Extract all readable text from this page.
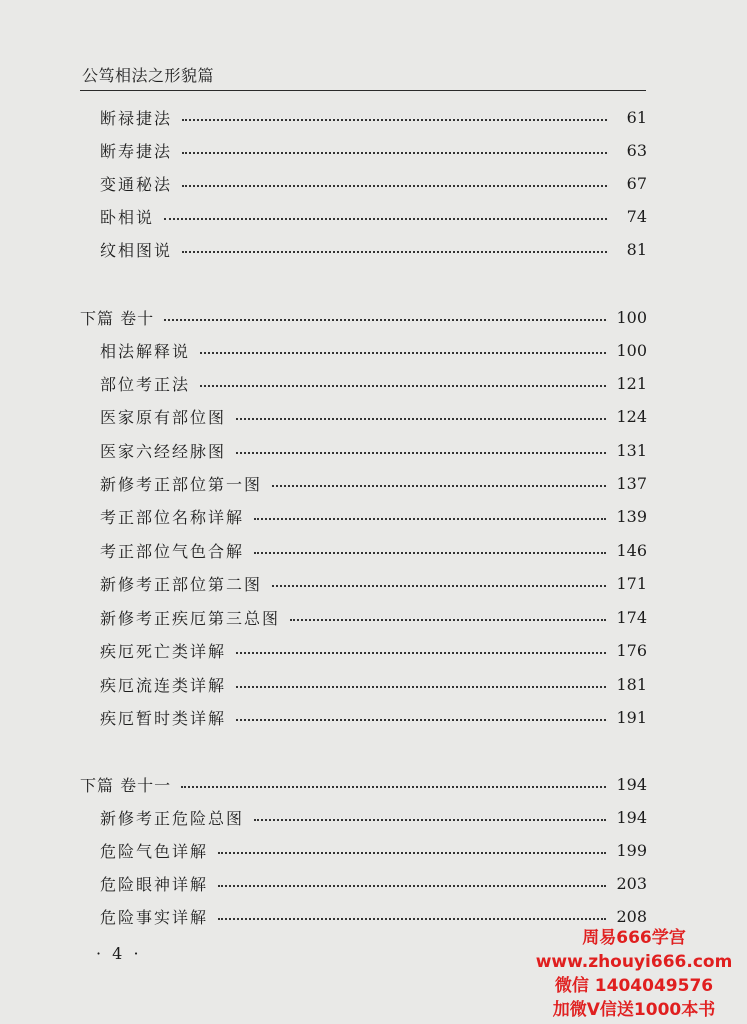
公笃相法之形貌篇
断禄捷法	61
断寿捷法	63
变通秘法	67
卧相说	74
纹相图说	81
下篇 卷十	100
相法解释说	100
部位考正法	121
医家原有部位图	124
医家六经经脉图	131
新修考正部位第一图	137
考正部位名称详解	139
考正部位气色合解	146
新修考正部位第二图	171
新修考正疾厄第三总图	174
疾厄死亡类详解	176
疾厄流连类详解	181
疾厄暂时类详解	191
下篇 卷十一	194
新修考正危险总图	194
危险气色详解	199
危险眼神详解	203
危险事实详解	208
· 4 ·
周易666学宫
www.zhouyi666.com
微信 1404049576
加微V信送1000本书
